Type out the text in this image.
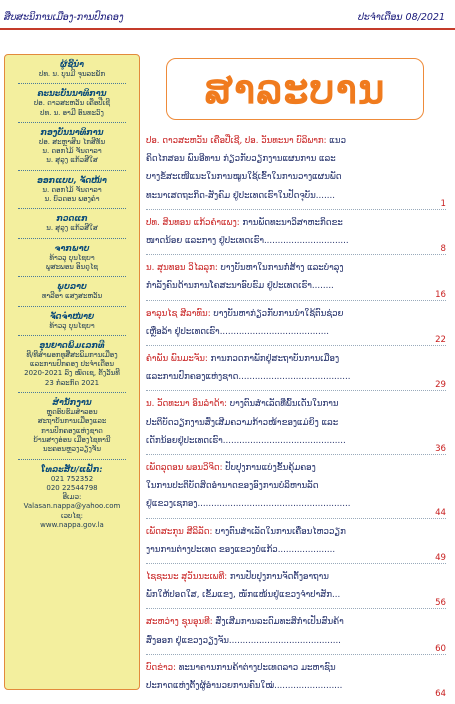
ສືບສະນິການເມືອງ-ການປົກຄອງ	ປະຈຳເດືອນ 08/2021
ຜູ້ຊີ້ນຳ
ປທ. ນ. ບຸນມີ ຈຸນລະພັກ
ຄະນະບັນນາທິການ
ປອ. ດາວສະຫວັນ ເຄືອປີ່ເຊີ
ປທ. ນ. ອາມີ ອົນທະວົງ
ກອງບັນນາທິການ
ປອ. ສະຫຼາສິນ ໄກສີທັນ
ນ. ດອກໄມ້ ຈັນດາລາ
ນ. ສຸລຸງ ແກ້ວສີໃສ
ອອກແບບ, ຈັດໜ້າ
ນ. ດອກໄມ້ ຈັນດາລາ
ນ. ບົວດອນ ພອງຄຳ
ກວດແກ
ນ. ສຸລຸງ ແກ້ວສີໃສ
ຈາກພາບ
ທ້າວວຸ ບຸນໄຊຍາ
ພູສະພອນ ອິນດູໄຊ
ພູບລາບ
ທາລີອາ ແສງສະຫວັນ
ຈັດຈຳໜ່າຍ
ທ້າວວຸ ບຸນໄຊຍາ
ອຸນຍາດພິມເລກທີ
ທີ/ທີສຳພອກທູສື່ສະພິມການເມືອງ
ແລະການປົກຄອງ ປະຈຳເດືອນ
2020-2021 ລົງ ໝົດເຊ, ຕັ້ງວັນທີ
23 ກໍລະກົດ 2021
ສຳນັກງານ
ຫຼຸດອົບຮົມສຳລອນ
ສະຖາບັນການເມືອງແລະ
ການປົກຄອງແຫ່ງຊາດ
ບ້ານສາງອ່ອນ ເມືອງໄຊທານີ
ນະຄອນຫຼວງວຽງຈັນ
ໂທລະສັບ/ແຟັກ:
021 752352
020 22544798
ອີເມວ:
Valasan.nappa@yahoo.com
ເວບໄຊ:
www.nappa.gov.la
ສາລະບານ
ປອ. ດາວສະຫວັນ ເຄືອປີ່ເຊີ, ປອ. ວັນທະນາ ບົລິພາກ: ແນວ
ຄິດໄກສອນ ພົນອີທານ ກ່ຽວກັບວຽກງານແຜນການ ແລະ
ບາງຂໍ້ສະເໜີແນະໃນການໝູນໃຊ້ເຂົ້າໃນການວາງແຜນພັດ
ທະນາເສດຖະກິດ-ສັງຄົມ ຢູ່ປະເທດເຮົາໃນປັດຈຸບັນ.......
1
ປທ. ສິນທອນ ແກ້ວຄຳແພງ: ການພັດທະນາວິສາຫະກິດຂະ
ໜາດນ້ອຍ ແລະກາງ ຢູ່ປະເທດເຮົາ...............................
8
ນ. ສຸນທອນ ວິໄລລຸກ: ບາງບັນຫາໃນການກໍ່ສ້າງ ແລະບຳລຸງ
ກຳລັງຄົນດ້ານການໂຄສະນາອົບຮົມ ຢູ່ປະເທດເຮົາ........
16
ອາລຸນໄຊ ສີລາທົນ: ບາງບັນຫາກ່ຽວກັບການນຳໃຊ້ຕົນຊ່ວຍ
ເຫຼືອລ້າ ຢູ່ປະເທດເຮົາ........................................
22
ຄຳພັນ ພົນມະຈັນ: ການກວດກາພັກຢູ່ສະຖາບັນການເມືອງ
ແລະການປົກຄອງແຫ່ງຊາດ.........................................
29
ນ. ວັດທະນາ ອິນລຳດ້າ: ບາງຕົນສຳເລັດທີ່ພົ້ນເດັ່ນໃນການ
ປະຕິບັດວຽກງານສົ່ງເສີມຄວາມກ້າວໜ້າຂອງແມ່ຍິງ ແລະ
ເດັກນ້ອຍຢູ່ປະເທດເຮົາ.............................................
36
ເພັດລຸດອນ ພອນວິຈິດ: ປັບປຸງການແບ່ງຂັ້ນຄຸ້ມຄອງ
ໃນການປະຕິບັດສິດອຳນາດຂອງອົງການບໍລິຫານລັດ
ຢູ່ແຂວງເຊກອງ........................................................
44
ເພັດສະກຸນ ສີລິລັດ: ບາງຕົນສຳເລັດໃນການເຄື່ອນໄຫວວຽກ
ງານການຕ່າງປະເທດ ຂອງແຂວງບໍ່ແກ້ວ.....................
49
ໄຊຊະນະ ສຸວັນນະເພທີ: ການປັບປຸງການຈັດຕັ້ງອາຖານ
ພັກໃຫ້ປອດໃສ, ເຂັ້ມແຂງ, ໜັກແໜ້ນຢູ່ແຂວງຈຳປາສັກ...
56
ສະຫວ່າງ ຊຸນອຸນທີ: ສົ່ງເສີມການລະດົມທະສິກຳເປັນສົນຄ້າ
ສົ່ງອອກ ຢູ່ແຂວງວຽງຈັນ.........................................
60
ບົດຂ່າວ: ທະນາຄານການຄ້າຕ່າງປະເທດລາວ ມະຫາຊົນ
ປະກາດແຫ່ງຕັ້ງຜູ້ອຳນວຍການຄົນໃໝ່.........................
64
